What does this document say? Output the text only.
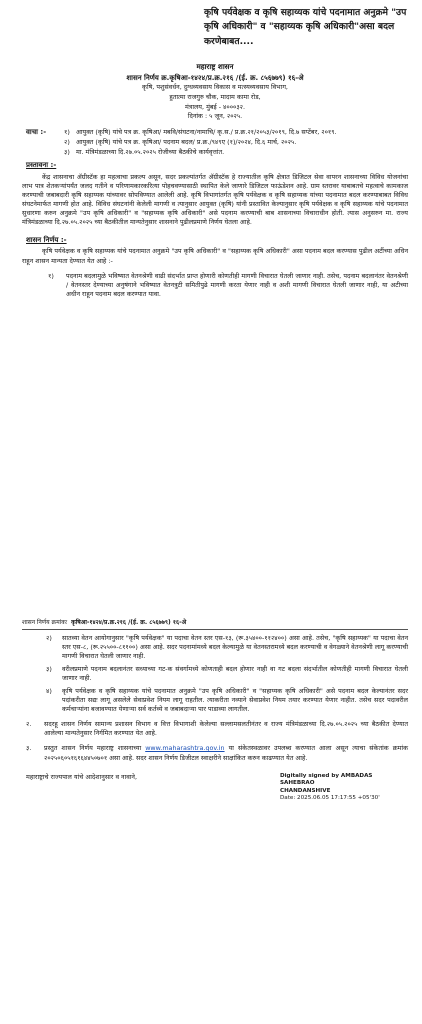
कृषि पर्यवेक्षक व कृषि सहाय्यक यांचे पदनामात अनुक्रमे "उप कृषि अधिकारी" व "सहाय्यक कृषि अधिकारी"असा बदल करणेबाबत....
महाराष्ट्र शासन
शासन निर्णय क्र.कृषिआ-१४२४/प्र.क्र.२१६ /(ई. क्र. ८५६७७९) १६-अे
कृषि, पशुसंवर्धन, दुग्धव्यवसाय विकास व मत्स्यव्यवसाय विभाग,
हुतात्मा राजगुरु चौक, मादाम कामा रोड,
मंत्रालय, मुंबई - ४०००३२.
दिनांक : ५ जून, २०२५.
वाचा :-	१) आयुक्त (कृषि) यांचे पत्र क्र. कृषिआ/ मबवि/संघटना/नामाचि/ कृ.स./ प्र.क्र.२१/२०५३/२०१९, दि.७ सप्टेंबर, २०१९.
२) आयुक्त (कृषि) यांचे पत्र क्र. कृषिआ/ पदनाम बदल/ प्र.क्र./९४९ए (१)/२०२४, दि.६ मार्च, २०२५.
३) मा. मंत्रिमंडळाच्या दि.२७.०५.२०२५ रोजीच्या बैठकीचे कार्यवृत्तांत.
प्रस्तावना :-

केंद्र शासनाचा ॲग्रीस्टॅक हा महत्वाचा प्रकल्प असून, सदर प्रकल्पांतर्गत ॲग्रीस्टॅक हे राज्यातील कृषि क्षेत्रात डिजिटल सेवा वापरन शासनाच्या विविध योजनांचा लाभ पात्र शेतकऱ्यांपर्यंत जलद गतीने व परिणामकारकरित्या पोहचवण्यासाठी स्थापित केले जाणारे डिजिटल फाऊंडेशन आहे. ग्राम स्तरावर याबाबतचे महत्वाचे कामकाज करण्याची जबाबदारी कृषि सहाय्यक यांच्यावर सोपविण्यात आलेली आहे. कृषि विभागांतर्गत कृषि पर्यवेक्षक व कृषि सहाय्यक यांच्या पदनामात बदल करण्याबाबत विविध संघटनेमार्फत मागणी होत आहे. विविध संघटनांनी केलेली मागणी व त्यानुसार आयुक्त (कृषि) यांनी प्रस्तावित केल्यानुसार कृषि पर्यवेक्षक व कृषि सहाय्यक यांचे पदनामात सुधारणा करुन अनुक्रमे "उप कृषि अधिकारी" व "सहाय्यक कृषि अधिकारी" असे पदनाम करण्याची बाब शासनाच्या विचाराधीन होती. त्यास अनुसरुन मा. राज्य मंत्रिमंडळाच्या दि.२७.०५.२०२५ च्या बैठकीतील मान्यतेनुसार शासनाने पुढीलप्रमाणे निर्णय घेतला आहे.

शासन निर्णय :-

कृषि पर्यवेक्षक व कृषि सहाय्यक यांचे पदनामात अनुक्रमे "उप कृषि अधिकारी" व "सहाय्यक कृषि अधिकारी" असा पदनाम बदल करण्यास पुढील अटींच्या अधिन राहून शासन मान्यता देण्यात येत आहे :-

१)	पदनाम बदलामुळे भविष्यात वेतनश्रेणी वाढी संदर्भात प्राप्त होणारी कोणतीही मागणी विचारात घेतली जाणार नाही. तसेच, पदनाम बदलानंतर वेतनश्रेणी / वेतनस्तर देण्याच्या अनुषंगाने भविष्यात वेतनत्रुटी समितीपुढे मागणी करता येणार नाही व अशी मागणी विचारात घेतली जाणार नाही, या अटीच्या अधीन राहून पदनाम बदल करण्यात यावा.
शासन निर्णय क्रमांकः कृषिआ-१४२४/प्र.क्र.२१६ /(ई. क्र. ८५६७७९) १६-अे
२)	सातव्या वेतन आयोगानुसार "कृषि पर्यवेक्षक" या पदाचा वेतन स्तर एस-१३, (रू.३५४००-११२४००) असा आहे. तसेच, "कृषि सहाय्यक" या पदाचा वेतन स्तर एस-८, (रू.२५५००-८११००) असा आहे. सदर पदनामांमध्ये बदल केल्यामुळे या वेतनस्तरामध्ये बदल करण्याची व वेगळ्याने वेतनश्रेणी लागू करण्याची मागणी विचारात घेतली जाणार नाही.
३)	वरीलप्रमाणे पदनाम बदलानंतर सध्याच्या गट-क संवर्गामध्ये कोणताही बदल होणार नाही वा गट बदला संदर्भातील कोणतीही मागणी विचारात घेतली जाणार नाही.
४)	कृषि पर्यवेक्षक व कृषि सहाय्यक यांचे पदनामात अनुक्रमे "उप कृषि अधिकारी" व "सहाय्यक कृषि अधिकारी" असे पदनाम बदल केल्यानंतर सदर पदांकरीता सद्यः लागू असलेले सेवाप्रवेश नियम लागू राहतील. त्याकरीता नव्याने सेवाप्रवेश नियम तयार करण्यात येणार नाहीत. तसेच सदर पदावरील कर्मचाऱ्यांना बजावण्यात येणाऱ्या सर्व कर्तव्ये व जबाबदाऱ्या पार पाडाव्या लागतील.
२.	सदरहू शासन निर्णय सामान्य प्रशासन विभाग व वित्त विभागाशी केलेल्या सल्लामसलतीनंतर व राज्य मंत्रिमंडळाच्या दि.२७.०५.२०२५ च्या बैठकीत देण्यात आलेल्या मान्यतेनुसार निर्गमित करण्यात येत आहे.
३.	प्रस्तुत शासन निर्णय महाराष्ट्र शासनाच्या www.maharashtra.gov.in या संकेतस्थळावर उपलब्ध करण्यात आला असून त्याचा संकेतांक क्रमांक २०२५०६०५१६१६४४५०७०१ असा आहे. सदर शासन निर्णय डिजीटल स्वाक्षरीने साक्षांकित करुन काढण्यात येत आहे.
महाराष्ट्राचे राज्यपाल यांचे आदेशानुसार व नावाने,	Digitally signed by AMBADAS SAHEBRAO
CHANDANSHIVE
Date: 2025.06.05 17:17:55 +05'30'
